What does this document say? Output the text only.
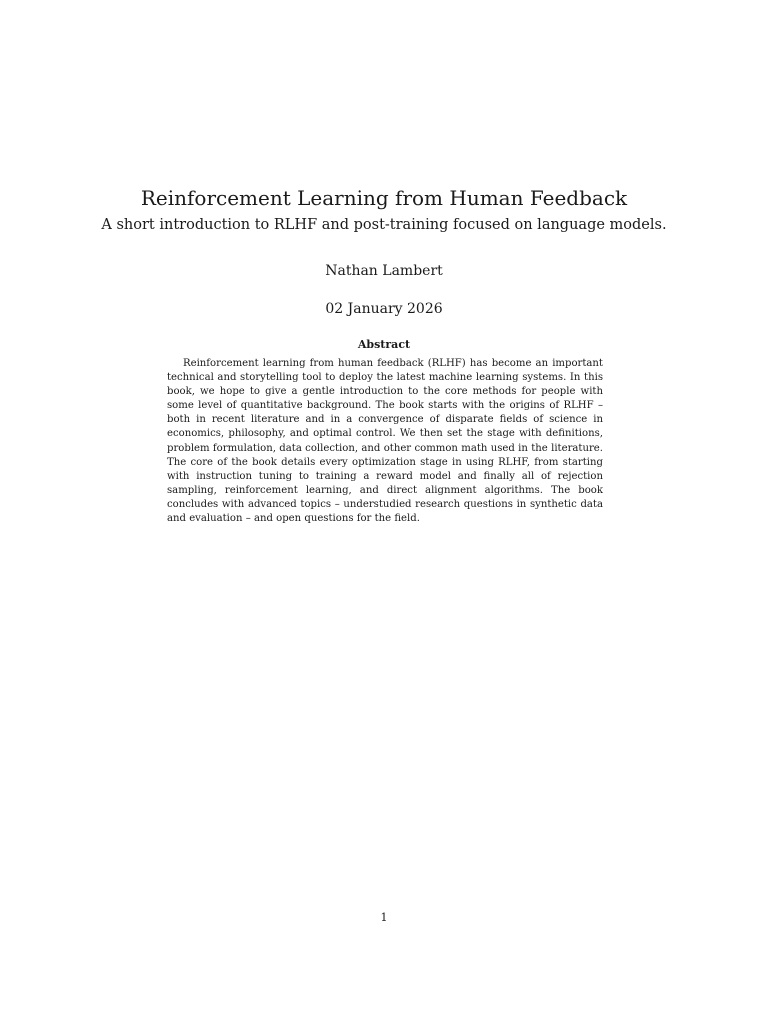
Reinforcement Learning from Human Feedback

A short introduction to RLHF and post-training focused on language models.

Nathan Lambert
02 January 2026
Abstract

Reinforcement learning from human feedback (RLHF) has become an important technical and storytelling tool to deploy the latest machine learning systems. In this book, we hope to give a gentle introduction to the core methods for people with some level of quantitative background. The book starts with the origins of RLHF – both in recent literature and in a convergence of disparate fields of science in economics, philosophy, and optimal control. We then set the stage with definitions, problem formulation, data collection, and other common math used in the literature. The core of the book details every optimization stage in using RLHF, from starting with instruction tuning to training a reward model and finally all of rejection sampling, reinforcement learning, and direct alignment algorithms. The book concludes with advanced topics – understudied research questions in synthetic data and evaluation – and open questions for the field.

1
